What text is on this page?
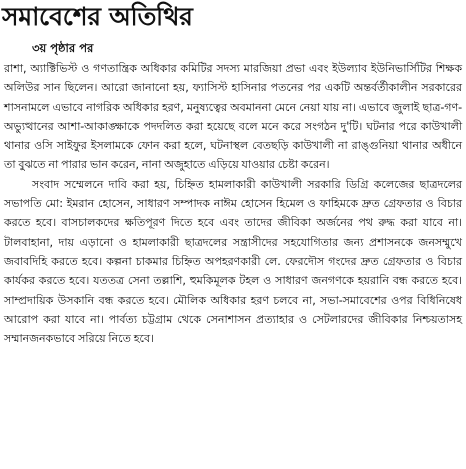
সমাবেশের অতিথির
৩য় পৃষ্ঠার পর

রাশা, অ্যাক্টিভিস্ট ও গণতান্ত্রিক অধিকার কমিটির সদস্য মারজিয়া প্রভা এবং ইউল্যাব ইউনিভার্সিটির শিক্ষক অলিউর সান ছিলেন। আরো জানানো হয়, ফ্যাসিস্ট হাসিনার পতনের পর একটি অন্তর্বর্তীকালীন সরকারের শাসনামলে এভাবে নাগরিক অধিকার হরণ, মনুষ্যত্বের অবমাননা মেনে নেয়া যায় না। এভাবে জুলাই ছাত্র-গণ-অভ্যুত্থানের আশা-আকাঙ্ক্ষাকে পদদলিত করা হয়েছে বলে মনে করে সংগঠন দু'টি। ঘটনার পরে কাউখালী থানার ওসি সাইফুর ইসলামকে ফোন করা হলে, ঘটনাস্থল বেতছড়ি কাউখালী না রাঙ্গুনিয়া থানার অধীনে তা বুঝতে না পারার ভান করেন, নানা অজুহাতে এড়িয়ে যাওয়ার চেষ্টা করেন।

সংবাদ সম্মেলনে দাবি করা হয়, চিহ্নিত হামলাকারী কাউখালী সরকারি ডিগ্রি কলেজের ছাত্রদলের সভাপতি মো: ইমরান হোসেন, সাধারণ সম্পাদক নাঈম হোসেন হিমেল ও ফাহিমকে দ্রুত গ্রেফতার ও বিচার করতে হবে। বাসচালকদের ক্ষতিপূরণ দিতে হবে এবং তাদের জীবিকা অর্জনের পথ রুদ্ধ করা যাবে না। টালবাহানা, দায় এড়ানো ও হামলাকারী ছাত্রদলের সন্ত্রাসীদের সহযোগিতার জন্য প্রশাসনকে জনসম্মুখে জবাবদিহি করতে হবে। কল্পনা চাকমার চিহ্নিত অপহরণকারী লে. ফেরদৌস গংদের দ্রুত গ্রেফতার ও বিচার কার্যকর করতে হবে। যততত্র সেনা তল্লাশি, হুমকিমূলক টহল ও সাধারণ জনগণকে হয়রানি বন্ধ করতে হবে। সাম্প্রদায়িক উসকানি বন্ধ করতে হবে। মৌলিক অধিকার হরণ চলবে না, সভা-সমাবেশের ওপর বিধিনিষেধ আরোপ করা যাবে না। পার্বত্য চট্টগ্রাম থেকে সেনাশাসন প্রত্যাহার ও সেটলারদের জীবিকার নিশ্চয়তাসহ সম্মানজনকভাবে সরিয়ে নিতে হবে।
